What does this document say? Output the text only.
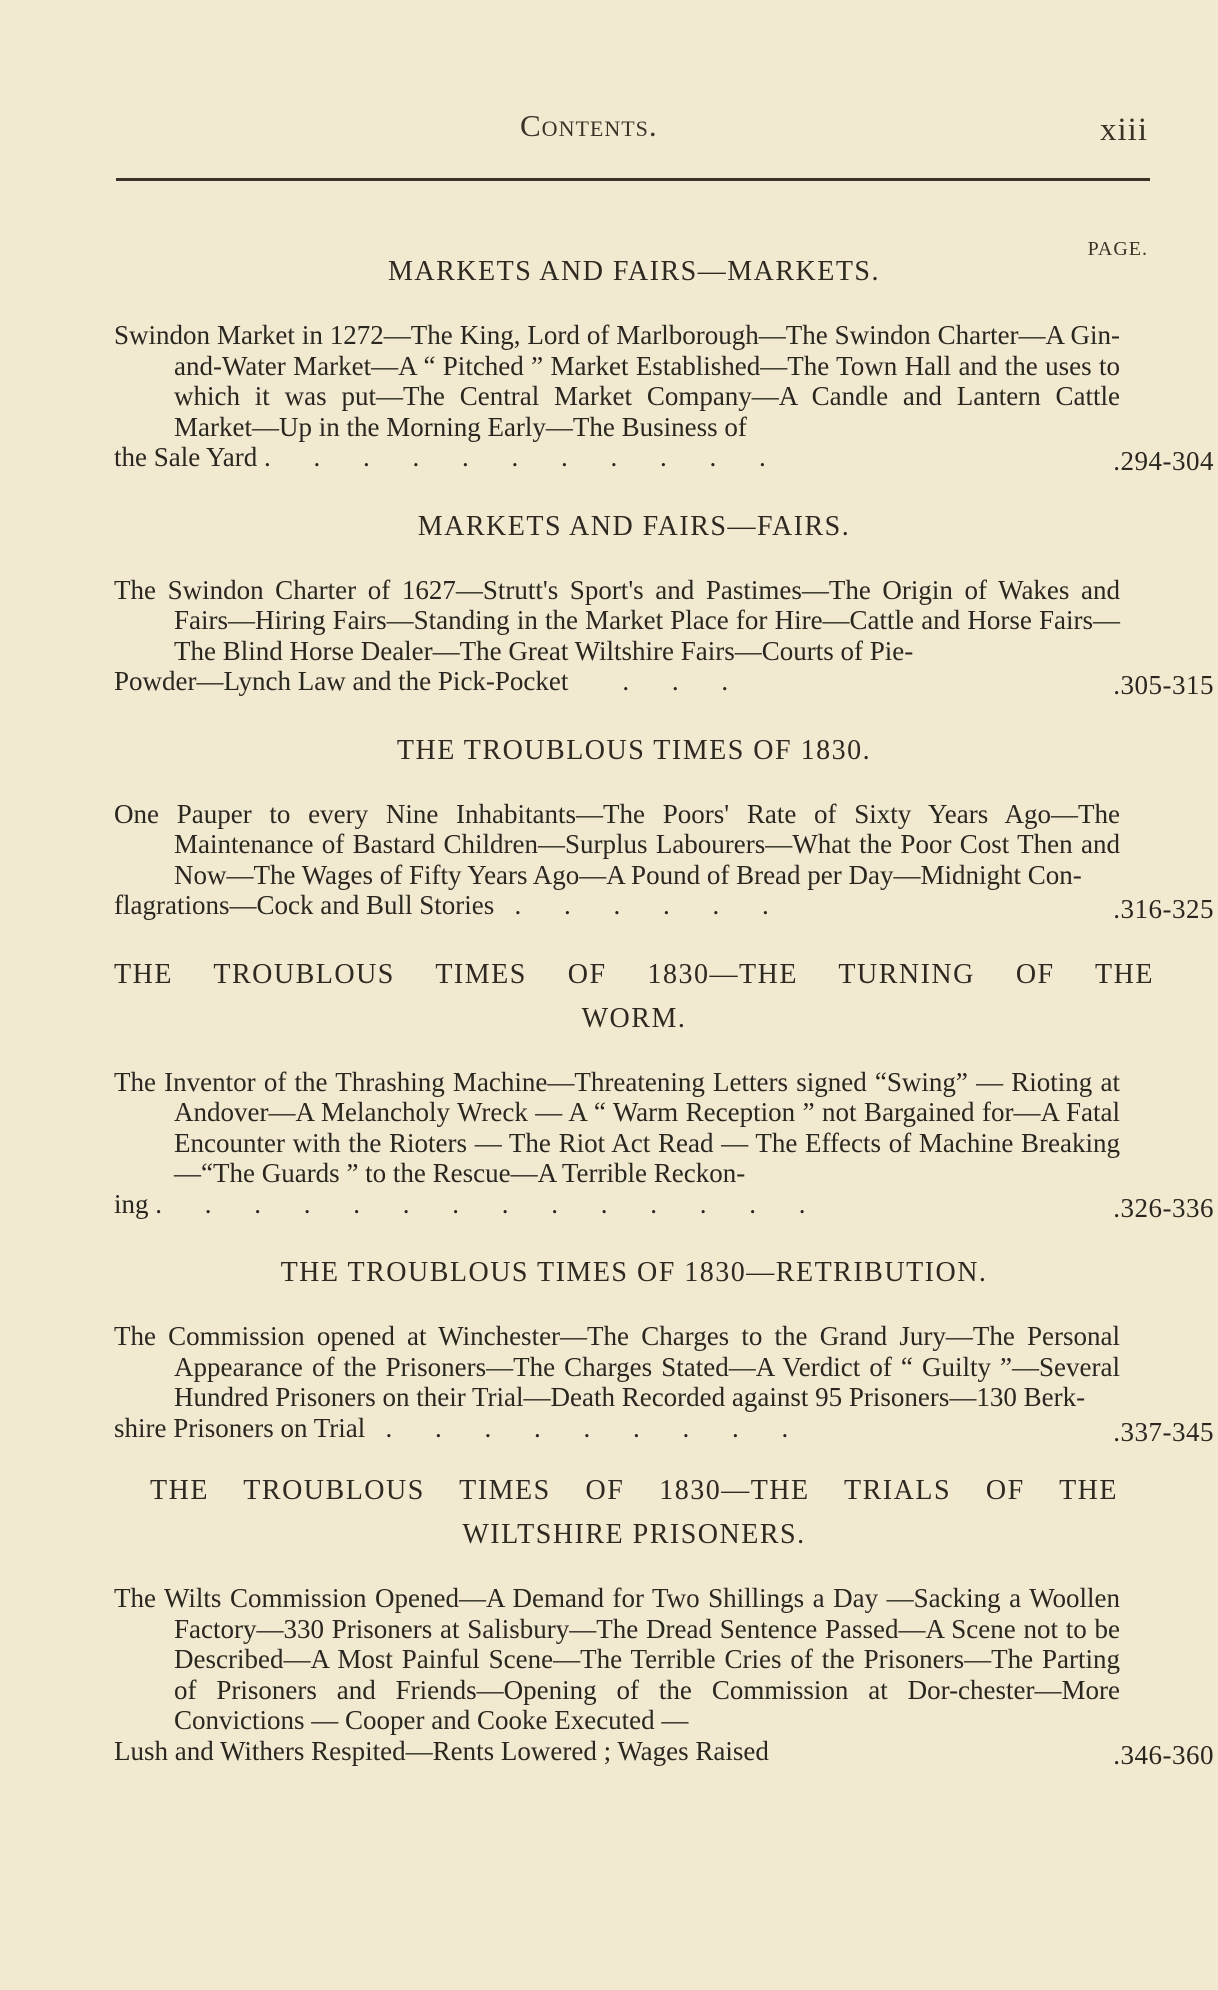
Contents.	xiii
PAGE.
MARKETS AND FAIRS—MARKETS.
Swindon Market in 1272—The King, Lord of Marlborough—The Swindon Charter—A Gin-and-Water Market—A “ Pitched ” Market Established—The Town Hall and the uses to which it was put—The Central Market Company—A Candle and Lantern Cattle Market—Up in the Morning Early—The Business of
the Sale Yard . . . . . . . . . . .	.294-304
MARKETS AND FAIRS—FAIRS.
The Swindon Charter of 1627—Strutt's Sport's and Pastimes—The Origin of Wakes and Fairs—Hiring Fairs—Standing in the Market Place for Hire—Cattle and Horse Fairs—The Blind Horse Dealer—The Great Wiltshire Fairs—Courts of Pie-
Powder—Lynch Law and the Pick-Pocket . . .	.305-315
THE TROUBLOUS TIMES OF 1830.
One Pauper to every Nine Inhabitants—The Poors' Rate of Sixty Years Ago—The Maintenance of Bastard Children—Surplus Labourers—What the Poor Cost Then and Now—The Wages of Fifty Years Ago—A Pound of Bread per Day—Midnight Con-
flagrations—Cock and Bull Stories . . . . . .	.316-325
THE TROUBLOUS TIMES OF 1830—THE TURNING OF THE
WORM.
The Inventor of the Thrashing Machine—Threatening Letters signed “Swing” — Rioting at Andover—A Melancholy Wreck — A “ Warm Reception ” not Bargained for—A Fatal Encounter with the Rioters — The Riot Act Read — The Effects of Machine Breaking—“The Guards ” to the Rescue—A Terrible Reckon-
ing . . . . . . . . . . . . . .	.326-336
THE TROUBLOUS TIMES OF 1830—RETRIBUTION.
The Commission opened at Winchester—The Charges to the Grand Jury—The Personal Appearance of the Prisoners—The Charges Stated—A Verdict of “ Guilty ”—Several Hundred Prisoners on their Trial—Death Recorded against 95 Prisoners—130 Berk-
shire Prisoners on Trial . . . . . . . . .	.337-345
THE TROUBLOUS TIMES OF 1830—THE TRIALS OF THE
WILTSHIRE PRISONERS.
The Wilts Commission Opened—A Demand for Two Shillings a Day —Sacking a Woollen Factory—330 Prisoners at Salisbury—The Dread Sentence Passed—A Scene not to be Described—A Most Painful Scene—The Terrible Cries of the Prisoners—The Parting of Prisoners and Friends—Opening of the Commission at Dor-chester—More Convictions — Cooper and Cooke Executed —
Lush and Withers Respited—Rents Lowered ; Wages Raised	.346-360
